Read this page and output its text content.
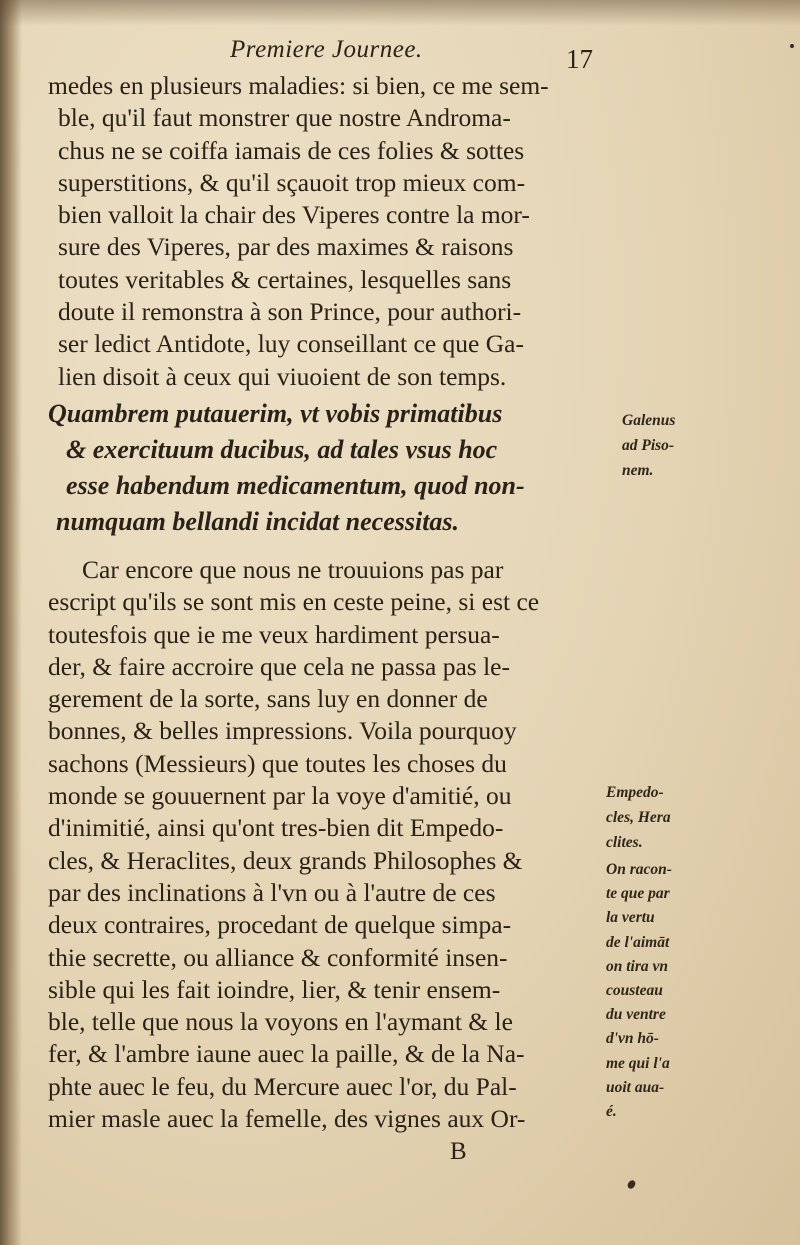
Premiere Journee.	17
medes en plusieurs maladies: si bien, ce me sem-
ble, qu'il faut monstrer que nostre Androma-
chus ne se coiffa iamais de ces folies & sottes
superstitions, & qu'il sçauoit trop mieux com-
bien valloit la chair des Viperes contre la mor-
sure des Viperes, par des maximes & raisons
toutes veritables & certaines, lesquelles sans
doute il remonstra à son Prince, pour authori-
ser ledict Antidote, luy conseillant ce que Ga-
lien disoit à ceux qui viuoient de son temps.
Quambrem putauerim, vt vobis primatibus
& exercituum ducibus, ad tales vsus hoc
esse habendum medicamentum, quod non-
numquam bellandi incidat necessitas.
Car encore que nous ne trouuions pas par
escript qu'ils se sont mis en ceste peine, si est ce
toutesfois que ie me veux hardiment persua-
der, & faire accroire que cela ne passa pas le-
gerement de la sorte, sans luy en donner de
bonnes, & belles impressions. Voila pourquoy
sachons (Messieurs) que toutes les choses du
monde se gouuernent par la voye d'amitié, ou
d'inimitié, ainsi qu'ont tres-bien dit Empedo-
cles, & Heraclites, deux grands Philosophes &
par des inclinations à l'vn ou à l'autre de ces
deux contraires, procedant de quelque simpa-
thie secrette, ou alliance & conformité insen-
sible qui les fait ioindre, lier, & tenir ensem-
ble, telle que nous la voyons en l'aymant & le
fer, & l'ambre iaune auec la paille, & de la Na-
phte auec le feu, du Mercure auec l'or, du Pal-
mier masle auec la femelle, des vignes aux Or-
Galenus
ad Piso-
nem.
Empedo-
cles, Hera
clites.
On racon-
te que par
la vertu
de l'aimāt
on tira vn
cousteau
du ventre
d'vn hō-
me qui l'a
uoit aua-
é.
B
